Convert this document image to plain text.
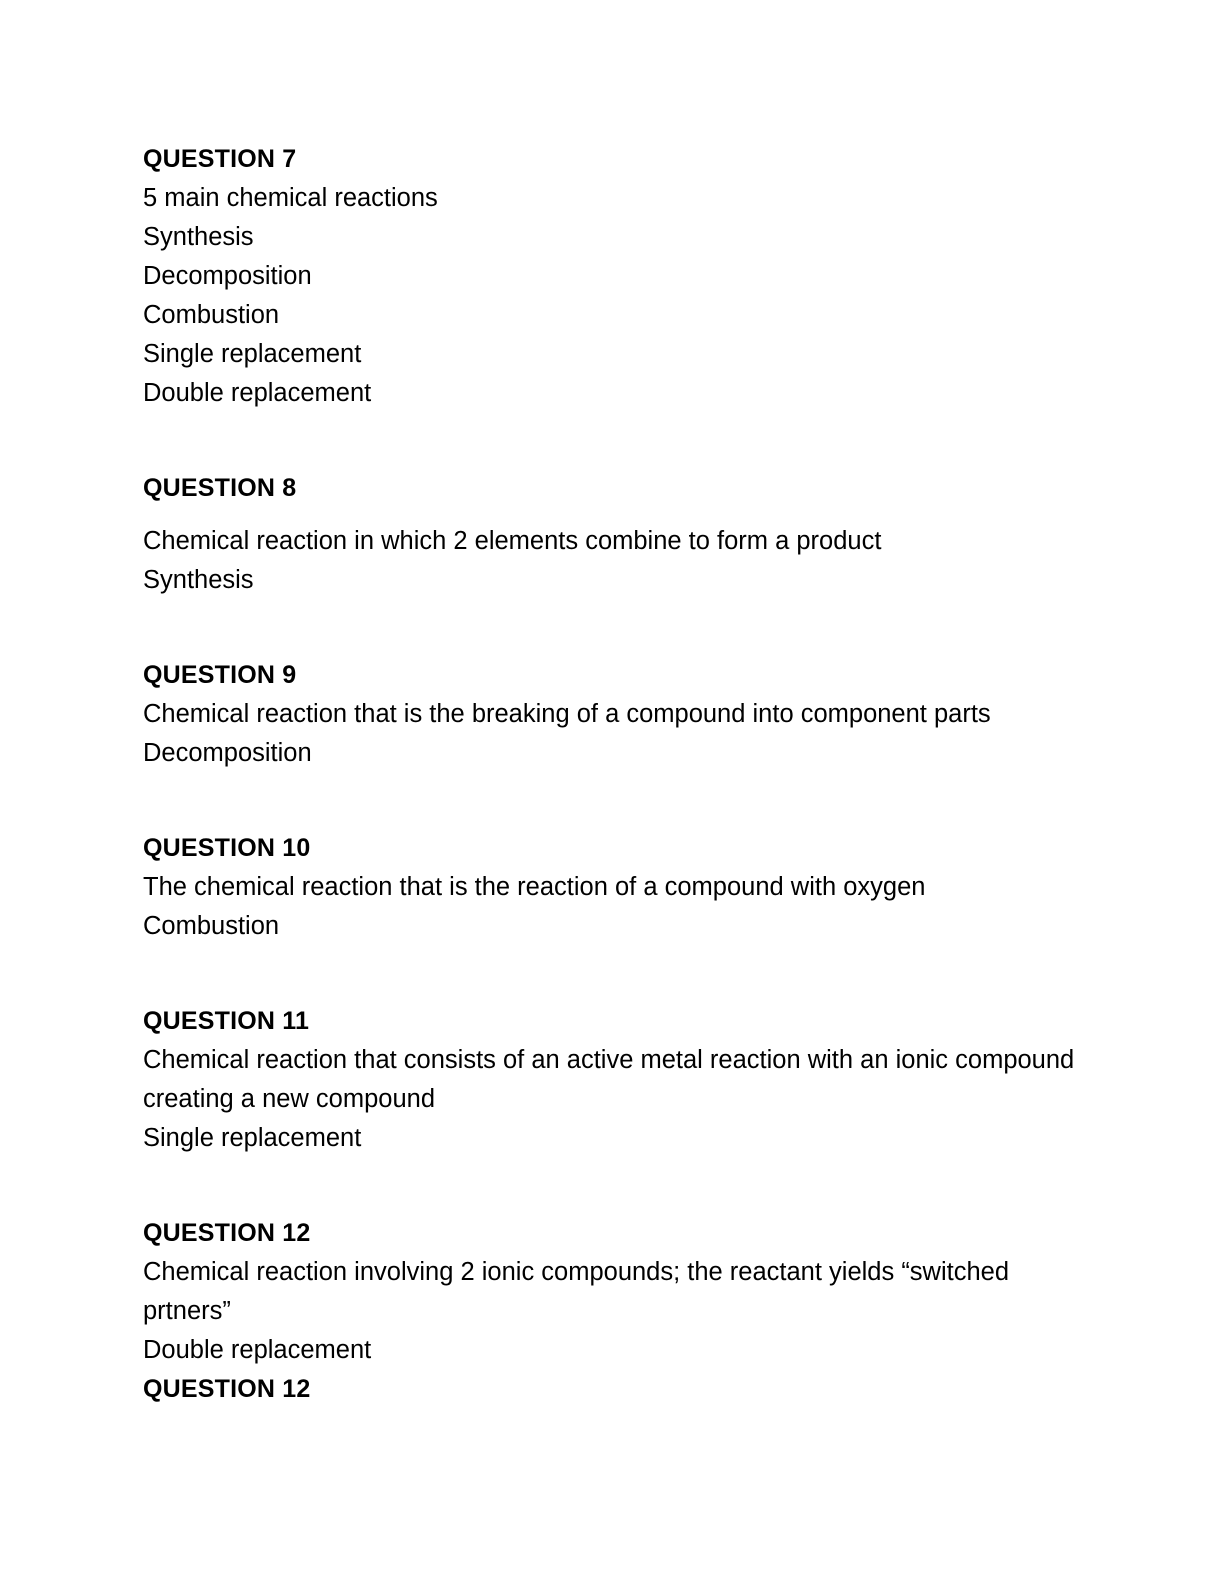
QUESTION 7
5 main chemical reactions
Synthesis
Decomposition
Combustion
Single replacement
Double replacement
QUESTION 8
Chemical reaction in which 2 elements combine to form a product
Synthesis
QUESTION 9
Chemical reaction that is the breaking of a compound into component parts
Decomposition
QUESTION 10
The chemical reaction that is the reaction of a compound with oxygen
Combustion
QUESTION 11
Chemical reaction that consists of an active metal reaction with an ionic compound creating a new compound
Single replacement
QUESTION 12
Chemical reaction involving 2 ionic compounds; the reactant yields “switched prtners”
Double replacement
QUESTION 12
